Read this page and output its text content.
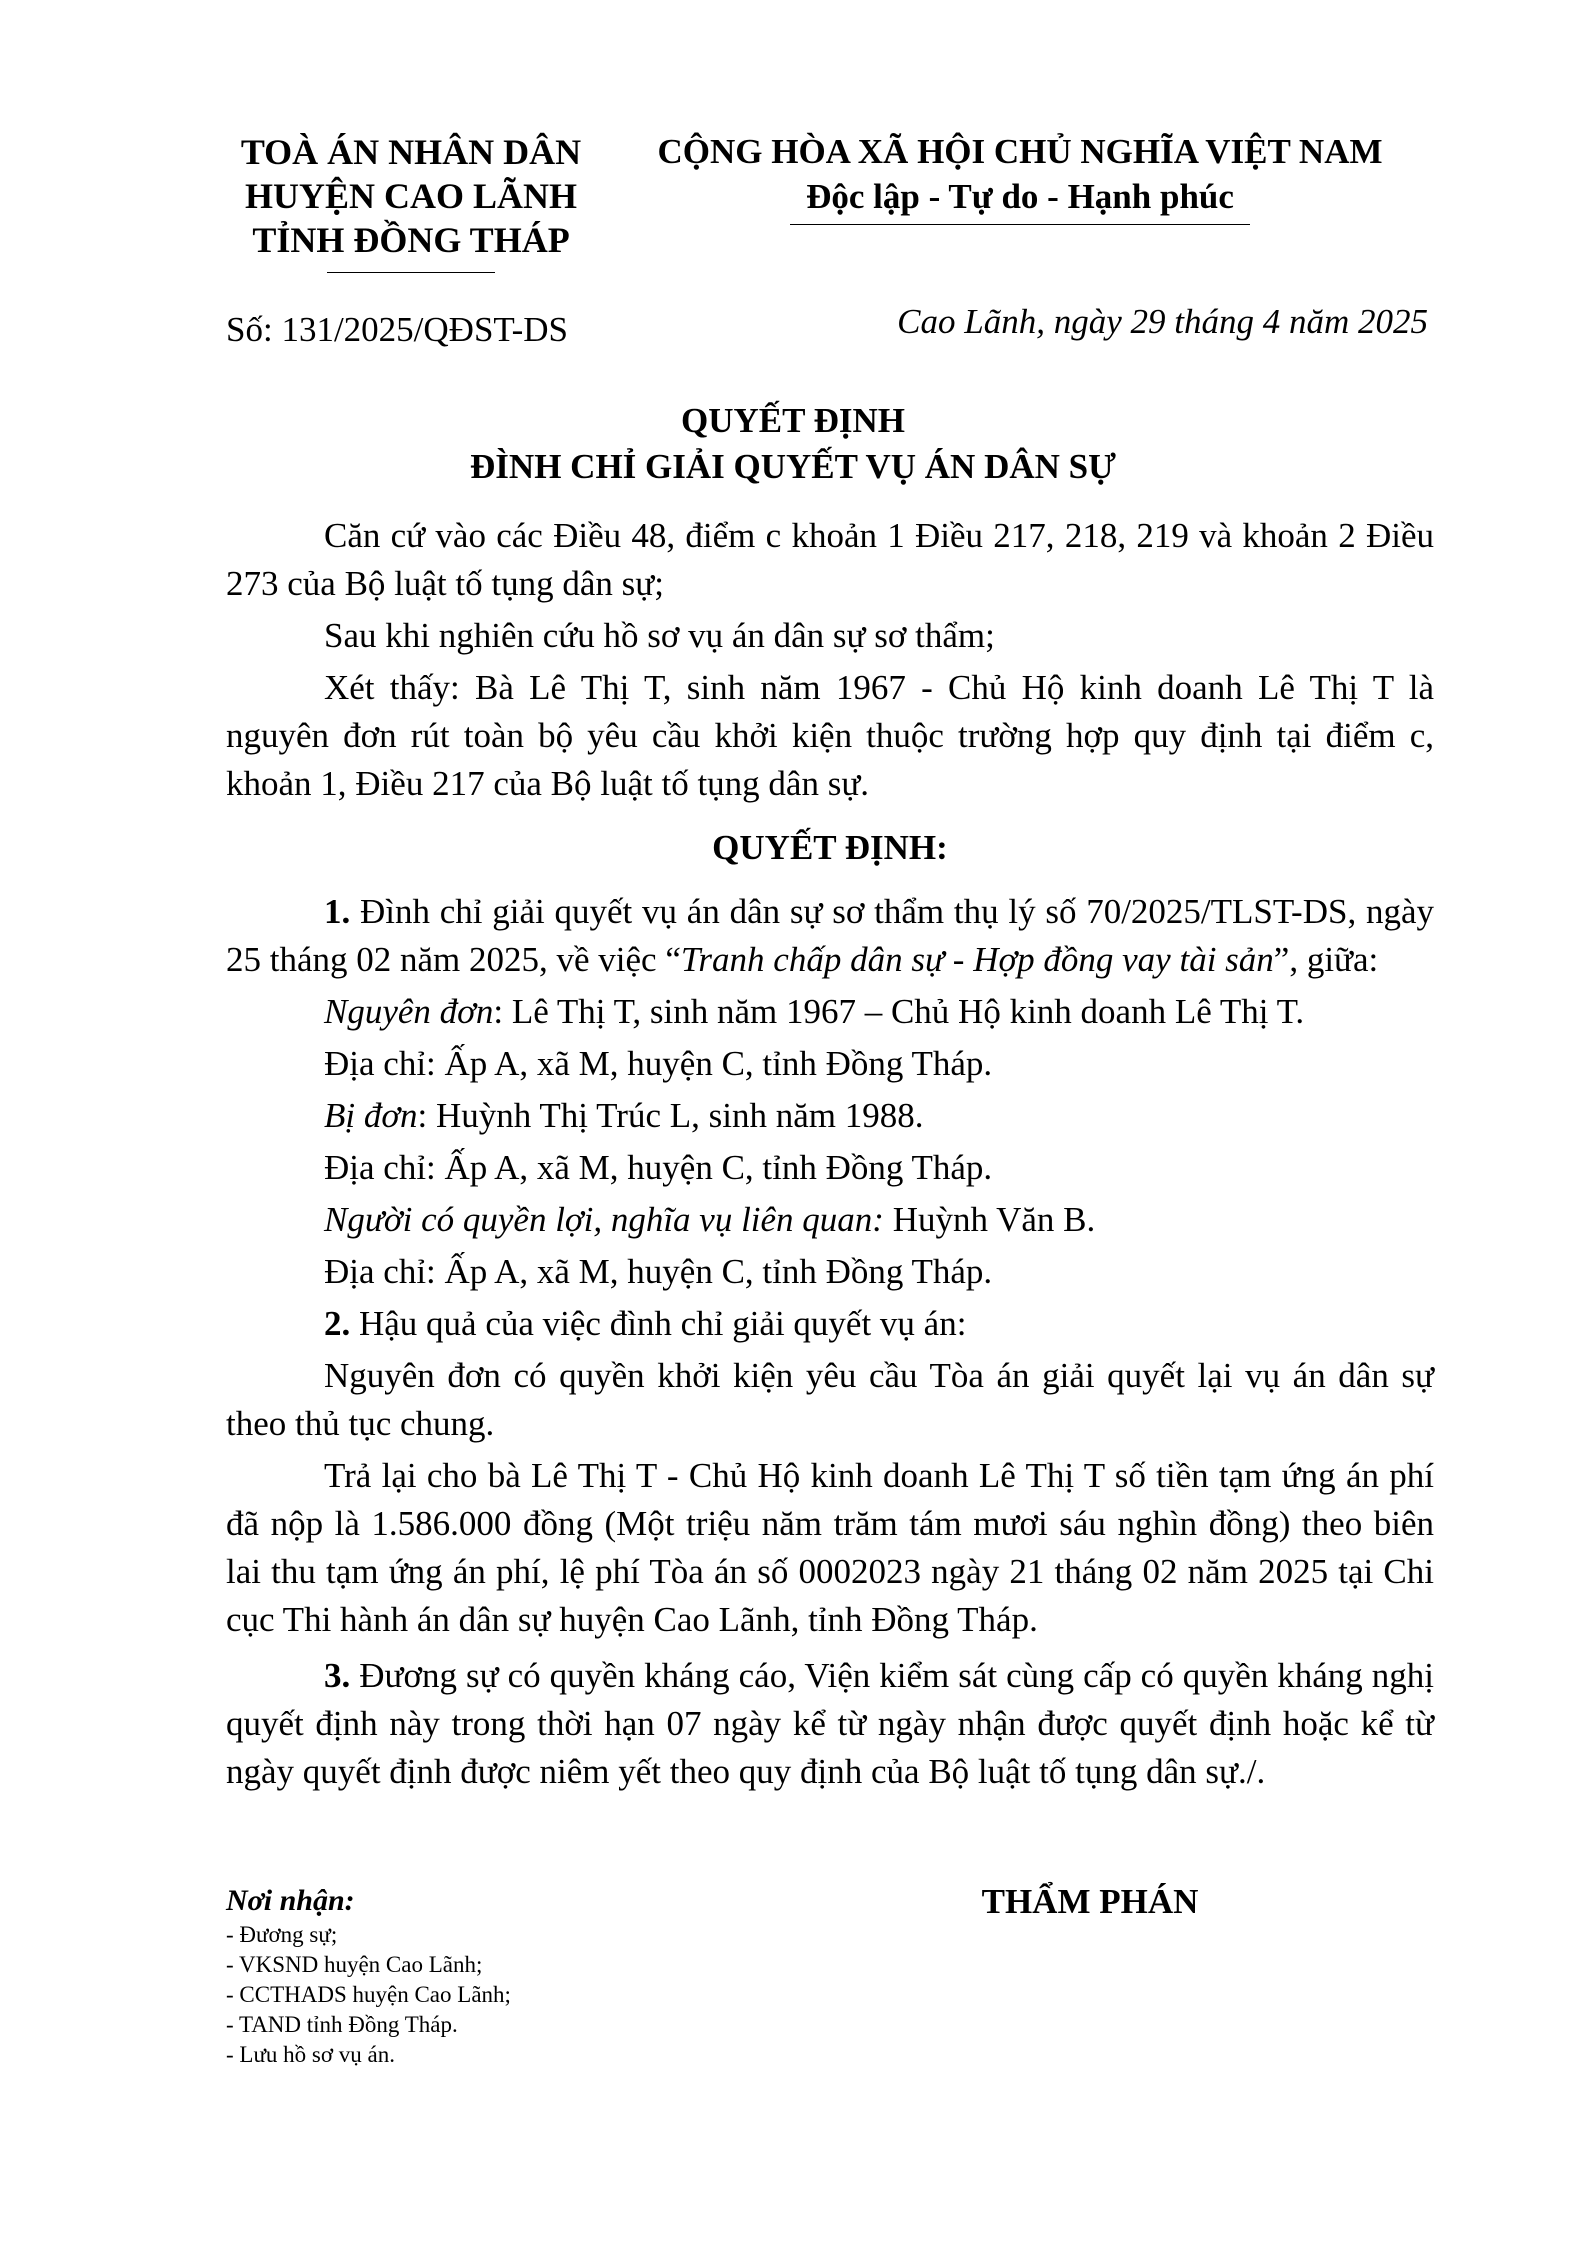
TOÀ ÁN NHÂN DÂN
HUYỆN CAO LÃNH
TỈNH ĐỒNG THÁP
CỘNG HÒA XÃ HỘI CHỦ NGHĨA VIỆT NAM
Độc lập - Tự do - Hạnh phúc
Số: 131/2025/QĐST-DS	Cao Lãnh, ngày 29 tháng 4 năm 2025
QUYẾT ĐỊNH
ĐÌNH CHỈ GIẢI QUYẾT VỤ ÁN DÂN SỰ

Căn cứ vào các Điều 48, điểm c khoản 1 Điều 217, 218, 219 và khoản 2 Điều 273 của Bộ luật tố tụng dân sự;

Sau khi nghiên cứu hồ sơ vụ án dân sự sơ thẩm;

Xét thấy: Bà Lê Thị T, sinh năm 1967 - Chủ Hộ kinh doanh Lê Thị T là nguyên đơn rút toàn bộ yêu cầu khởi kiện thuộc trường hợp quy định tại điểm c, khoản 1, Điều 217 của Bộ luật tố tụng dân sự.

QUYẾT ĐỊNH:

1. Đình chỉ giải quyết vụ án dân sự sơ thẩm thụ lý số 70/2025/TLST-DS, ngày 25 tháng 02 năm 2025, về việc “Tranh chấp dân sự - Hợp đồng vay tài sản”, giữa:

Nguyên đơn: Lê Thị T, sinh năm 1967 – Chủ Hộ kinh doanh Lê Thị T.

Địa chỉ: Ấp A, xã M, huyện C, tỉnh Đồng Tháp.

Bị đơn: Huỳnh Thị Trúc L, sinh năm 1988.

Địa chỉ: Ấp A, xã M, huyện C, tỉnh Đồng Tháp.

Người có quyền lợi, nghĩa vụ liên quan: Huỳnh Văn B.

Địa chỉ: Ấp A, xã M, huyện C, tỉnh Đồng Tháp.

2. Hậu quả của việc đình chỉ giải quyết vụ án:

Nguyên đơn có quyền khởi kiện yêu cầu Tòa án giải quyết lại vụ án dân sự theo thủ tục chung.

Trả lại cho bà Lê Thị T - Chủ Hộ kinh doanh Lê Thị T số tiền tạm ứng án phí đã nộp là 1.586.000 đồng (Một triệu năm trăm tám mươi sáu nghìn đồng) theo biên lai thu tạm ứng án phí, lệ phí Tòa án số 0002023 ngày 21 tháng 02 năm 2025 tại Chi cục Thi hành án dân sự huyện Cao Lãnh, tỉnh Đồng Tháp.

3. Đương sự có quyền kháng cáo, Viện kiểm sát cùng cấp có quyền kháng nghị quyết định này trong thời hạn 07 ngày kể từ ngày nhận được quyết định hoặc kể từ ngày quyết định được niêm yết theo quy định của Bộ luật tố tụng dân sự./.

Nơi nhận:
- Đương sự;
- VKSND huyện Cao Lãnh;
- CCTHADS huyện Cao Lãnh;
- TAND tỉnh Đồng Tháp.
- Lưu hồ sơ vụ án.
THẨM PHÁN
